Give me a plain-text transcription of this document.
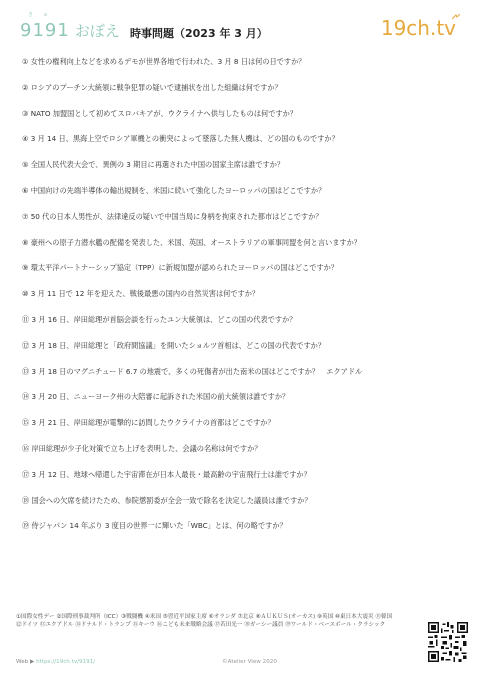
きゅ
9191 おぼえ 時事問題（2023 年 3 月）	19ch.tv
① 女性の権利向上などを求めるデモが世界各地で行われた、3 月 8 日は何の日ですか？
② ロシアのプーチン大統領に戦争犯罪の疑いで逮捕状を出した組織は何ですか？
③ NATO 加盟国として初めてスロバキアが、ウクライナへ供与したものは何ですか？
④ 3 月 14 日、黒海上空でロシア軍機との衝突によって墜落した無人機は、どの国のものですか？
⑤ 全国人民代表大会で、異例の 3 期目に再選された中国の国家主席は誰ですか？
⑥ 中国向けの先端半導体の輸出規制を、米国に続いて強化したヨーロッパの国はどこですか？
⑦ 50 代の日本人男性が、法律違反の疑いで中国当局に身柄を拘束された都市はどこですか？
⑧ 豪州への原子力潜水艦の配備を発表した、米国、英国、オーストラリアの軍事同盟を何と言いますか？
⑨ 環太平洋パートナーシップ協定（TPP）に新規加盟が認められたヨーロッパの国はどこですか？
⑩ 3 月 11 日で 12 年を迎えた、戦後最悪の国内の自然災害は何ですか？
⑪ 3 月 16 日、岸田総理が首脳会談を行ったユン大統領は、どこの国の代表ですか？
⑫ 3 月 18 日、岸田総理と「政府間協議」を開いたショルツ首相は、どこの国の代表ですか？
⑬ 3 月 18 日のマグニチュード 6.7 の地震で、多くの死傷者が出た南米の国はどこですか？　エクアドル
⑭ 3 月 20 日、ニューヨーク州の大陪審に起訴された米国の前大統領は誰ですか？
⑮ 3 月 21 日、岸田総理が電撃的に訪問したウクライナの首都はどこですか？
⑯ 岸田総理が少子化対策で立ち上げを表明した、会議の名称は何ですか？
⑰ 3 月 12 日、地球へ帰還した宇宙滞在が日本人最長・最高齢の宇宙飛行士は誰ですか？
⑱ 国会への欠席を続けたため、参院懲罰委が全会一致で除名を決定した議員は誰ですか？
⑲ 侍ジャパン 14 年ぶり 3 度目の世界一に輝いた「WBC」とは、何の略ですか？
①国際女性デー ②国際刑事裁判所（ICC）③戦闘機 ④米国 ⑤習近平国家主席 ⑥オランダ ⑦北京 ⑧ＡＵＫＵＳ(オーカス) ⑨英国 ⑩東日本大震災 ⑪韓国
⑫ドイツ ⑬エクアドル ⑭ドナルド・トランプ ⑮キーウ ⑯こども未来戦略会議 ⑰若田光一 ⑱ガーシー議員 ⑲ワールド・ベースボール・クラシック
Web ▶ https://19ch.tv/9191/	©Atelier View 2020
